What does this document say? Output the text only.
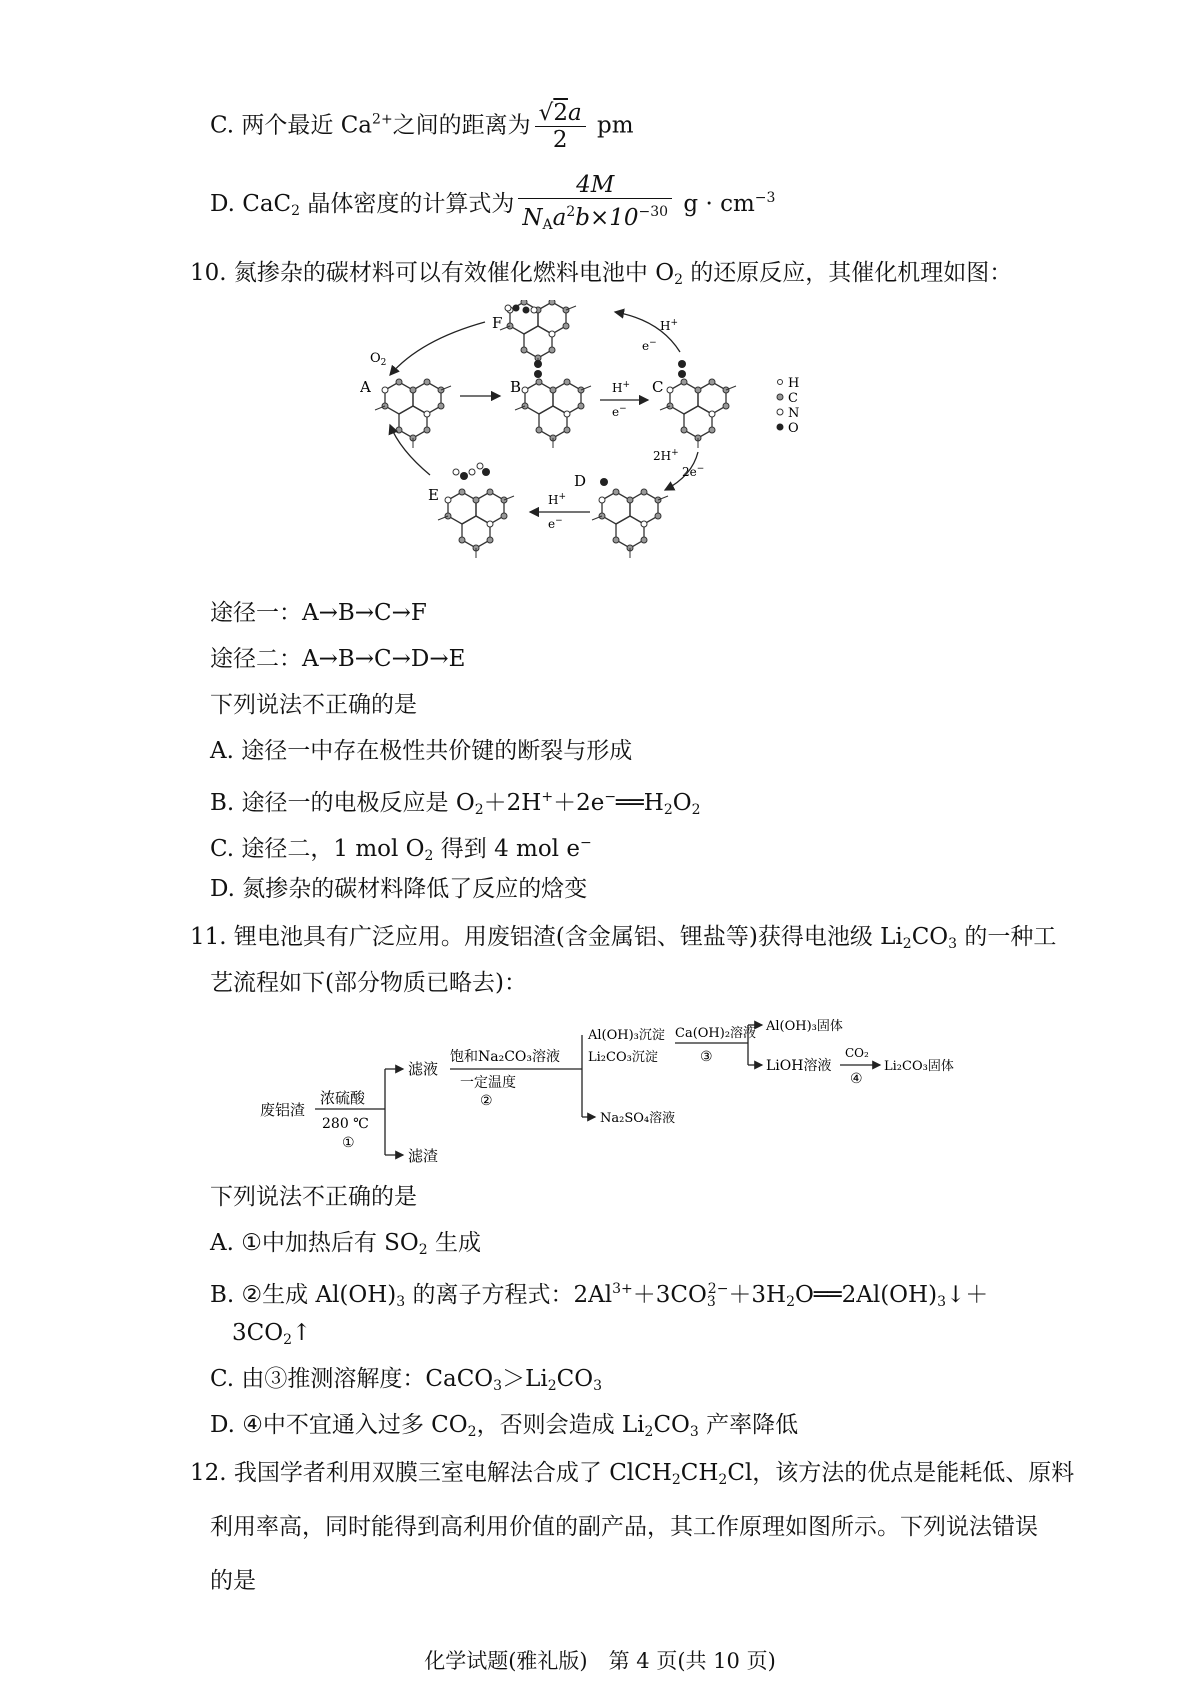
C. 两个最近 $Ca^{2+}$之间的距离为 $\frac{√2a}{2}$ pm
D. CaC$_2$ 晶体密度的计算式为 $\frac{4M}{N_Aa^2b\times 10^{-30}}$ $g \cdot cm^{-3}$
10. 氮掺杂的碳材料可以有效催化燃料电池中 $O_2$ 的还原反应，其催化机理如图：
F
A
$O_2$
B	C
D
E
H+
e−
H+
e−
2H+
2e−
H+
e−
H
C
N
O
途径一：A→B→C→F
途径二：A→B→C→D→E
下列说法不正确的是
A. 途径一中存在极性共价键的断裂与形成
B. 途径一的电极反应是 $O_2+2H^++2e^-══H_2O_2$
C. 途径二，1 mol $O_2$ 得到 4 mol e−
D. 氮掺杂的碳材料降低了反应的焓变
11. 锂电池具有广泛应用。用废铝渣(含金属铝、锂盐等)获得电池级 $Li_2CO_3$ 的一种工
艺流程如下(部分物质已略去)：
废铝渣
浓硫酸
280 ℃
①
滤液
滤渣
饱和Na₂CO₃溶液
一定温度
②
Na₂SO₄溶液
Al(OH)₃沉淀
Li₂CO₃沉淀
Ca(OH)₂溶液
③
Al(OH)₃固体
LiOH溶液
CO₂
④
Li₂CO₃固体
下列说法不正确的是
A. ①中加热后有 $SO_2$ 生成
B. ②生成 $Al(OH)_3$ 的离子方程式：$2Al^{3+}+3CO_3^{2-}+3H_2O══2Al(OH)_3↓+$
$3CO_2↑$
C. 由③推测溶解度：$CaCO_3>Li_2CO_3$
D. ④中不宜通入过多 $CO_2$，否则会造成 $Li_2CO_3$ 产率降低
12. 我国学者利用双膜三室电解法合成了 $ClCH_2CH_2Cl$，该方法的优点是能耗低、原料
利用率高，同时能得到高利用价值的副产品，其工作原理如图所示。下列说法错误
的是
化学试题(雅礼版)　第 4 页(共 10 页)
